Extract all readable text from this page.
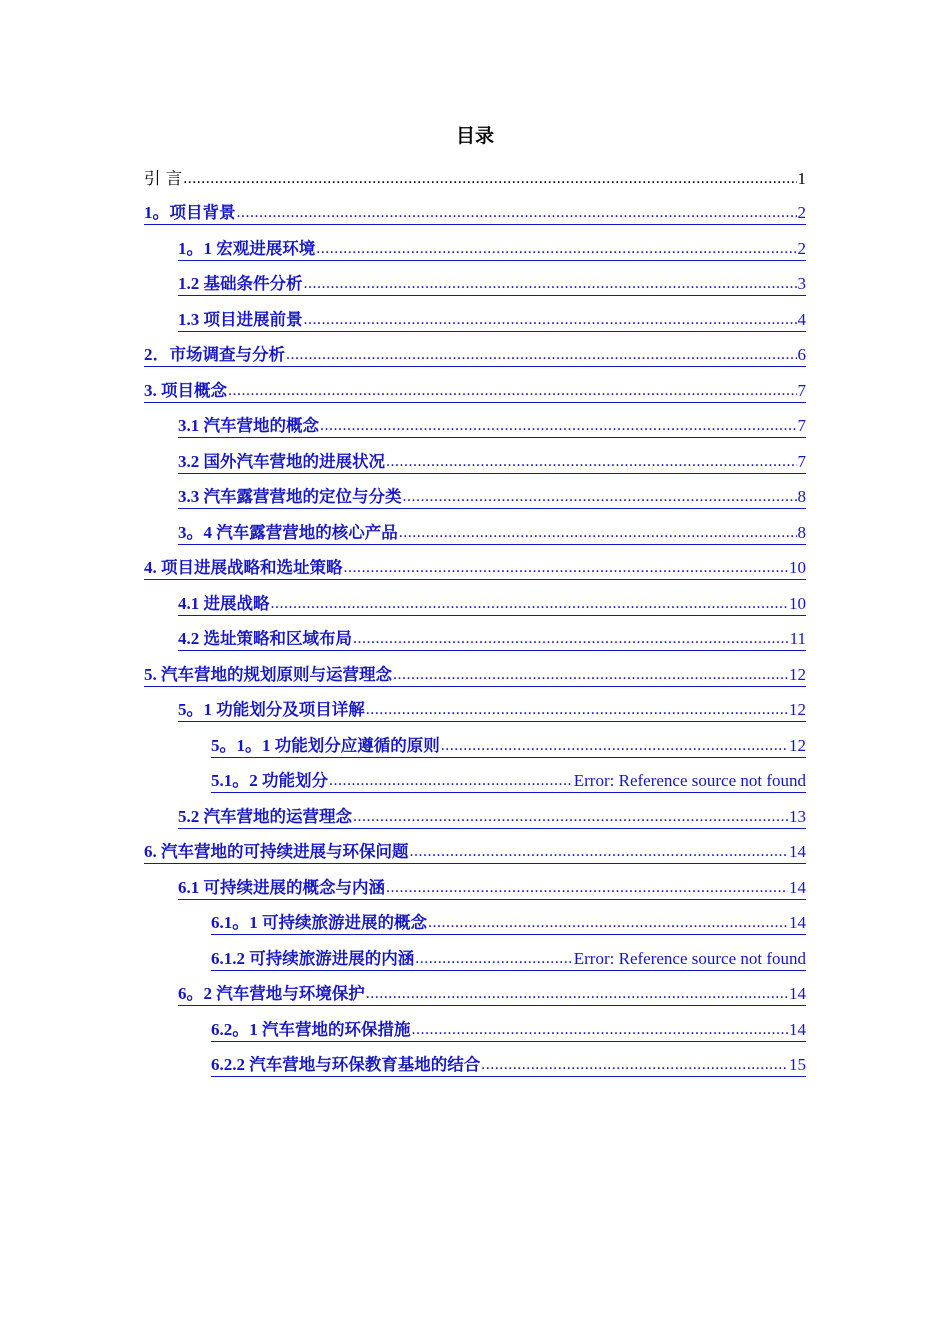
目录
引 言 .....	1
1。 项目背景 .....	2
1。1 宏观进展环境 .....	2
1.2 基础条件分析 .....	3
1.3 项目进展前景 .....	4
2． 市场调查与分析 .....	6
3. 项目概念 .....	7
3.1 汽车营地的概念 .....	7
3.2 国外汽车营地的进展状况 .....	7
3.3 汽车露营营地的定位与分类 .....	8
3。4 汽车露营营地的核心产品 .....	8
4. 项目进展战略和选址策略 .....	10
4.1 进展战略 .....	10
4.2 选址策略和区域布局 .....	11
5. 汽车营地的规划原则与运营理念 .....	12
5。1 功能划分及项目详解 .....	12
5。1。1 功能划分应遵循的原则 .....	12
5.1。2 功能划分 .....	Error: Reference source not found
5.2 汽车营地的运营理念 .....	13
6. 汽车营地的可持续进展与环保问题 .....	14
6.1 可持续进展的概念与内涵 .....	14
6.1。1 可持续旅游进展的概念 .....	14
6.1.2 可持续旅游进展的内涵 .....	Error: Reference source not found
6。2 汽车营地与环境保护 .....	14
6.2。1 汽车营地的环保措施 .....	14
6.2.2 汽车营地与环保教育基地的结合 .....	15
